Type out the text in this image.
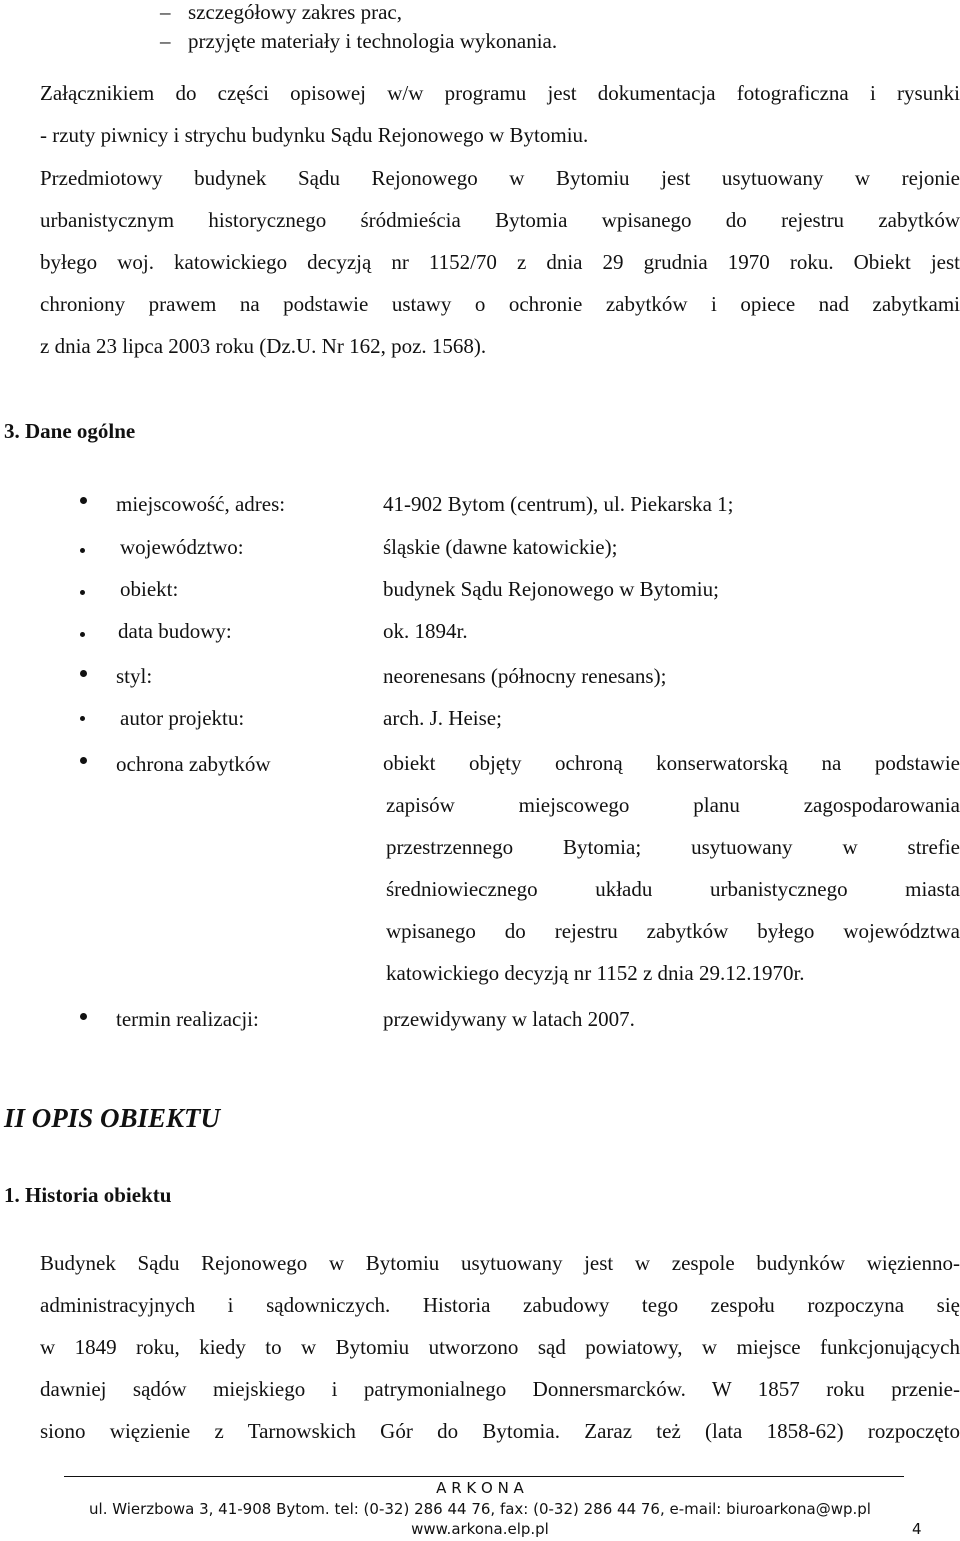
– szczegółowy zakres prac,
– przyjęte materiały i technologia wykonania.
Załącznikiem do części opisowej w/w programu jest dokumentacja fotograficzna i rysunki
- rzuty piwnicy i strychu budynku Sądu Rejonowego w Bytomiu.
Przedmiotowy budynek Sądu Rejonowego w Bytomiu jest usytuowany w rejonie
urbanistycznym historycznego śródmieścia Bytomia wpisanego do rejestru zabytków
byłego woj. katowickiego decyzją nr 1152/70 z dnia 29 grudnia 1970 roku. Obiekt jest
chroniony prawem na podstawie ustawy o ochronie zabytków i opiece nad zabytkami
z dnia 23 lipca 2003 roku (Dz.U. Nr 162, poz. 1568).
3. Dane ogólne
miejscowość, adres:	41-902 Bytom (centrum), ul. Piekarska 1;
województwo:	śląskie (dawne katowickie);
obiekt:	budynek Sądu Rejonowego w Bytomiu;
data budowy:	ok. 1894r.
styl:	neorenesans (północny renesans);
autor projektu:	arch. J. Heise;
ochrona zabytków	obiekt objęty ochroną konserwatorską na podstawie
zapisów miejscowego planu zagospodarowania
przestrzennego Bytomia; usytuowany w strefie
średniowiecznego układu urbanistycznego miasta
wpisanego do rejestru zabytków byłego województwa
katowickiego decyzją nr 1152 z dnia 29.12.1970r.
termin realizacji:	przewidywany w latach 2007.
II OPIS OBIEKTU
1. Historia obiektu
Budynek Sądu Rejonowego w Bytomiu usytuowany jest w zespole budynków więzienno-
administracyjnych i sądowniczych. Historia zabudowy tego zespołu rozpoczyna się
w 1849 roku, kiedy to w Bytomiu utworzono sąd powiatowy, w miejsce funkcjonujących
dawniej sądów miejskiego i patrymonialnego Donnersmarcków. W 1857 roku przenie-
siono więzienie z Tarnowskich Gór do Bytomia. Zaraz też (lata 1858-62) rozpoczęto
A R K O N A
ul. Wierzbowa 3, 41-908 Bytom. tel: (0-32) 286 44 76, fax: (0-32) 286 44 76, e-mail: biuroarkona@wp.pl
www.arkona.elp.pl	4
